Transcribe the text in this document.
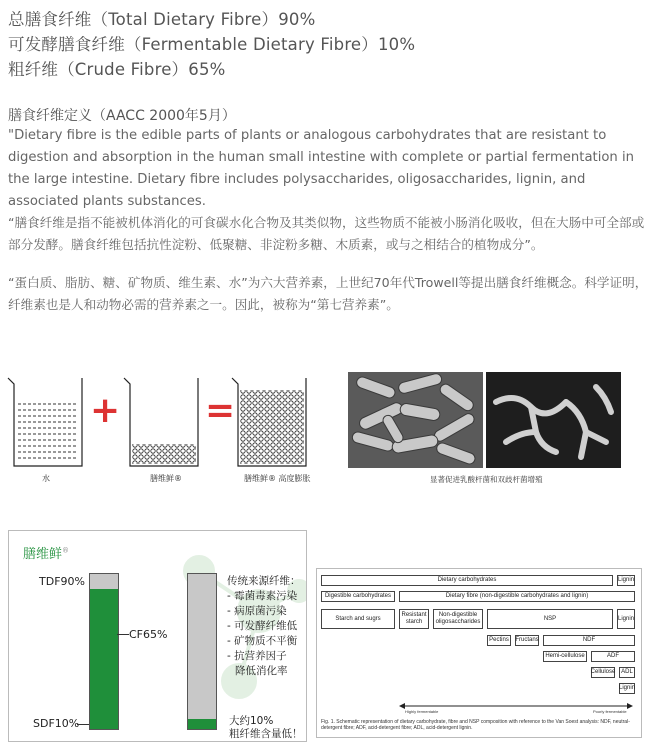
总膳食纤维（Total Dietary Fibre）90%
可发酵膳食纤维（Fermentable Dietary Fibre）10%
粗纤维（Crude Fibre）65%
膳食纤维定义（AACC 2000年5月）
"Dietary fibre is the edible parts of plants or analogous carbohydrates that are resistant to digestion and absorption in the human small intestine with complete or partial fermentation in the large intestine. Dietary fibre includes polysaccharides, oligosaccharides, lignin, and associated plants substances.
“膳食纤维是指不能被机体消化的可食碳水化合物及其类似物，这些物质不能被小肠消化吸收，但在大肠中可全部或部分发酵。膳食纤维包括抗性淀粉、低聚糖、非淀粉多糖、木质素，或与之相结合的植物成分”。
“蛋白质、脂肪、糖、矿物质、维生素、水”为六大营养素，上世纪70年代Trowell等提出膳食纤维概念。科学证明，纤维素也是人和动物必需的营养素之一。因此，被称为“第七营养素”。
+ =
水	膳维鲜®	膳维鲜® 高度膨胀	显著促进乳酸杆菌和双歧杆菌增殖
膳维鲜®
TDF90%
CF65%
SDF10%
传统来源纤维：
- 霉菌毒素污染
- 病原菌污染
- 可发酵纤维低
- 矿物质不平衡
- 抗营养因子
降低消化率
大约10%
粗纤维含量低！
Dietary carbohydrates	Lignin
Digestible carbohydrates	Dietary fibre (non-digestible carbohydrates and lignin)
Starch and sugrs
Resistant starch
Non-digestible oligosaccharides
NSP	Lignin
Pectins	Fructans	NDF
Hemi-cellulose	ADF
Cellulose ADL
Lignin
Highly fermentable	Poorly fermentable
Fig. 1. Schematic representation of dietary carbohydrate, fibre and NSP composition with reference to the Van Soest analysis: NDF, neutral-detergent fibre; ADF, acid-detergent fibre; ADL, acid-detergent lignin.
